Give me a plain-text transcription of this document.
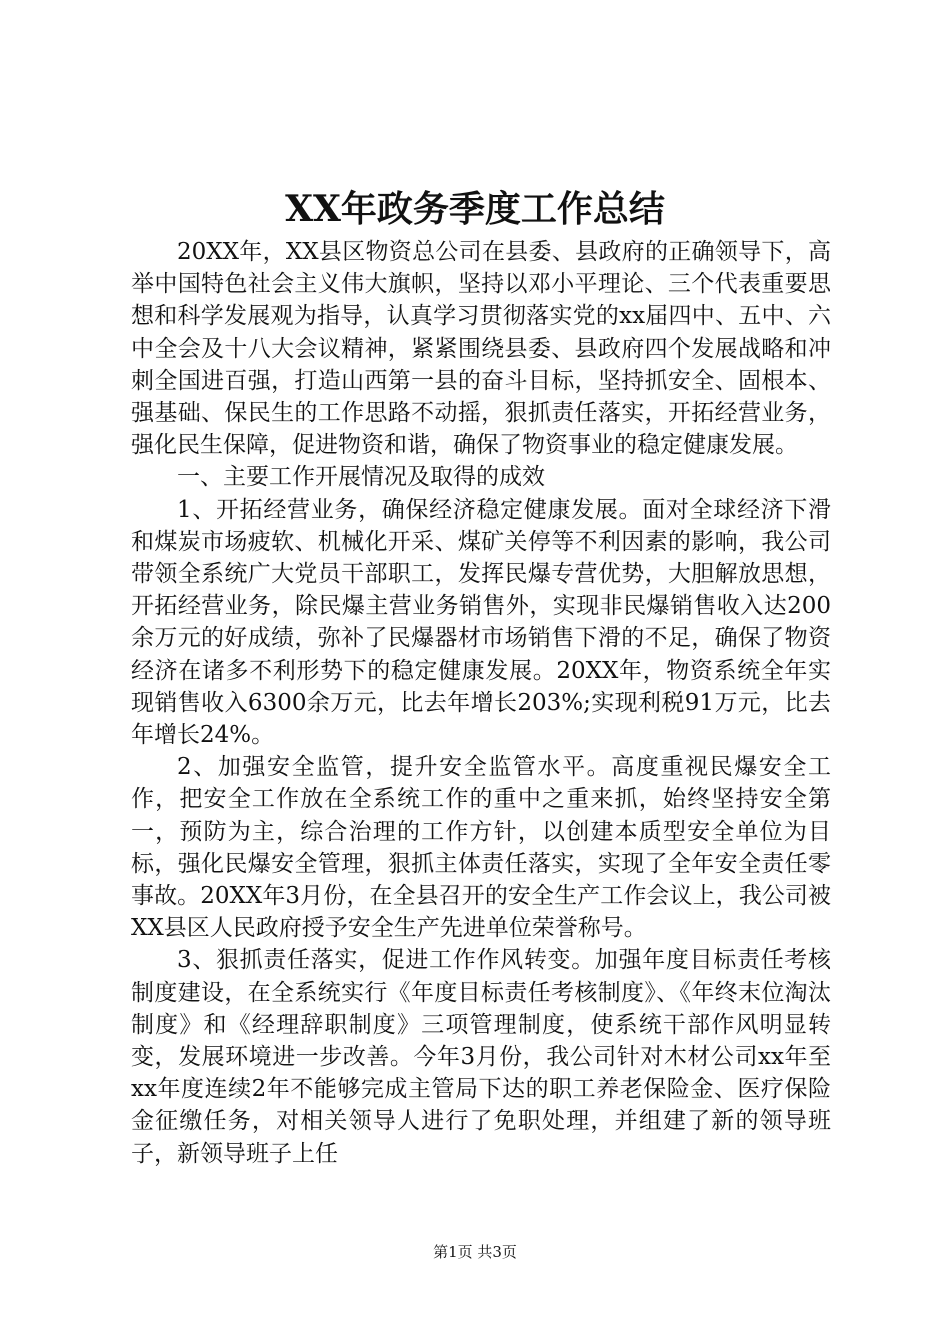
XX年政务季度工作总结

20XX年，XX县区物资总公司在县委、县政府的正确领导下，高举中国特色社会主义伟大旗帜，坚持以邓小平理论、三个代表重要思想和科学发展观为指导，认真学习贯彻落实党的xx届四中、五中、六中全会及十八大会议精神，紧紧围绕县委、县政府四个发展战略和冲刺全国进百强，打造山西第一县的奋斗目标，坚持抓安全、固根本、强基础、保民生的工作思路不动摇，狠抓责任落实，开拓经营业务，强化民生保障，促进物资和谐，确保了物资事业的稳定健康发展。

一、主要工作开展情况及取得的成效

1、开拓经营业务，确保经济稳定健康发展。面对全球经济下滑和煤炭市场疲软、机械化开采、煤矿关停等不利因素的影响，我公司带领全系统广大党员干部职工，发挥民爆专营优势，大胆解放思想，开拓经营业务，除民爆主营业务销售外，实现非民爆销售收入达200余万元的好成绩，弥补了民爆器材市场销售下滑的不足，确保了物资经济在诸多不利形势下的稳定健康发展。20XX年，物资系统全年实现销售收入6300余万元，比去年增长203%;实现利税91万元，比去年增长24%。

2、加强安全监管，提升安全监管水平。高度重视民爆安全工作，把安全工作放在全系统工作的重中之重来抓，始终坚持安全第一，预防为主，综合治理的工作方针，以创建本质型安全单位为目标，强化民爆安全管理，狠抓主体责任落实，实现了全年安全责任零事故。20XX年3月份，在全县召开的安全生产工作会议上，我公司被XX县区人民政府授予安全生产先进单位荣誉称号。

3、狠抓责任落实，促进工作作风转变。加强年度目标责任考核制度建设，在全系统实行《年度目标责任考核制度》、《年终末位淘汰制度》和《经理辞职制度》三项管理制度，使系统干部作风明显转变，发展环境进一步改善。今年3月份，我公司针对木材公司xx年至xx年度连续2年不能够完成主管局下达的职工养老保险金、医疗保险金征缴任务，对相关领导人进行了免职处理，并组建了新的领导班子，新领导班子上任

第1页 共3页
